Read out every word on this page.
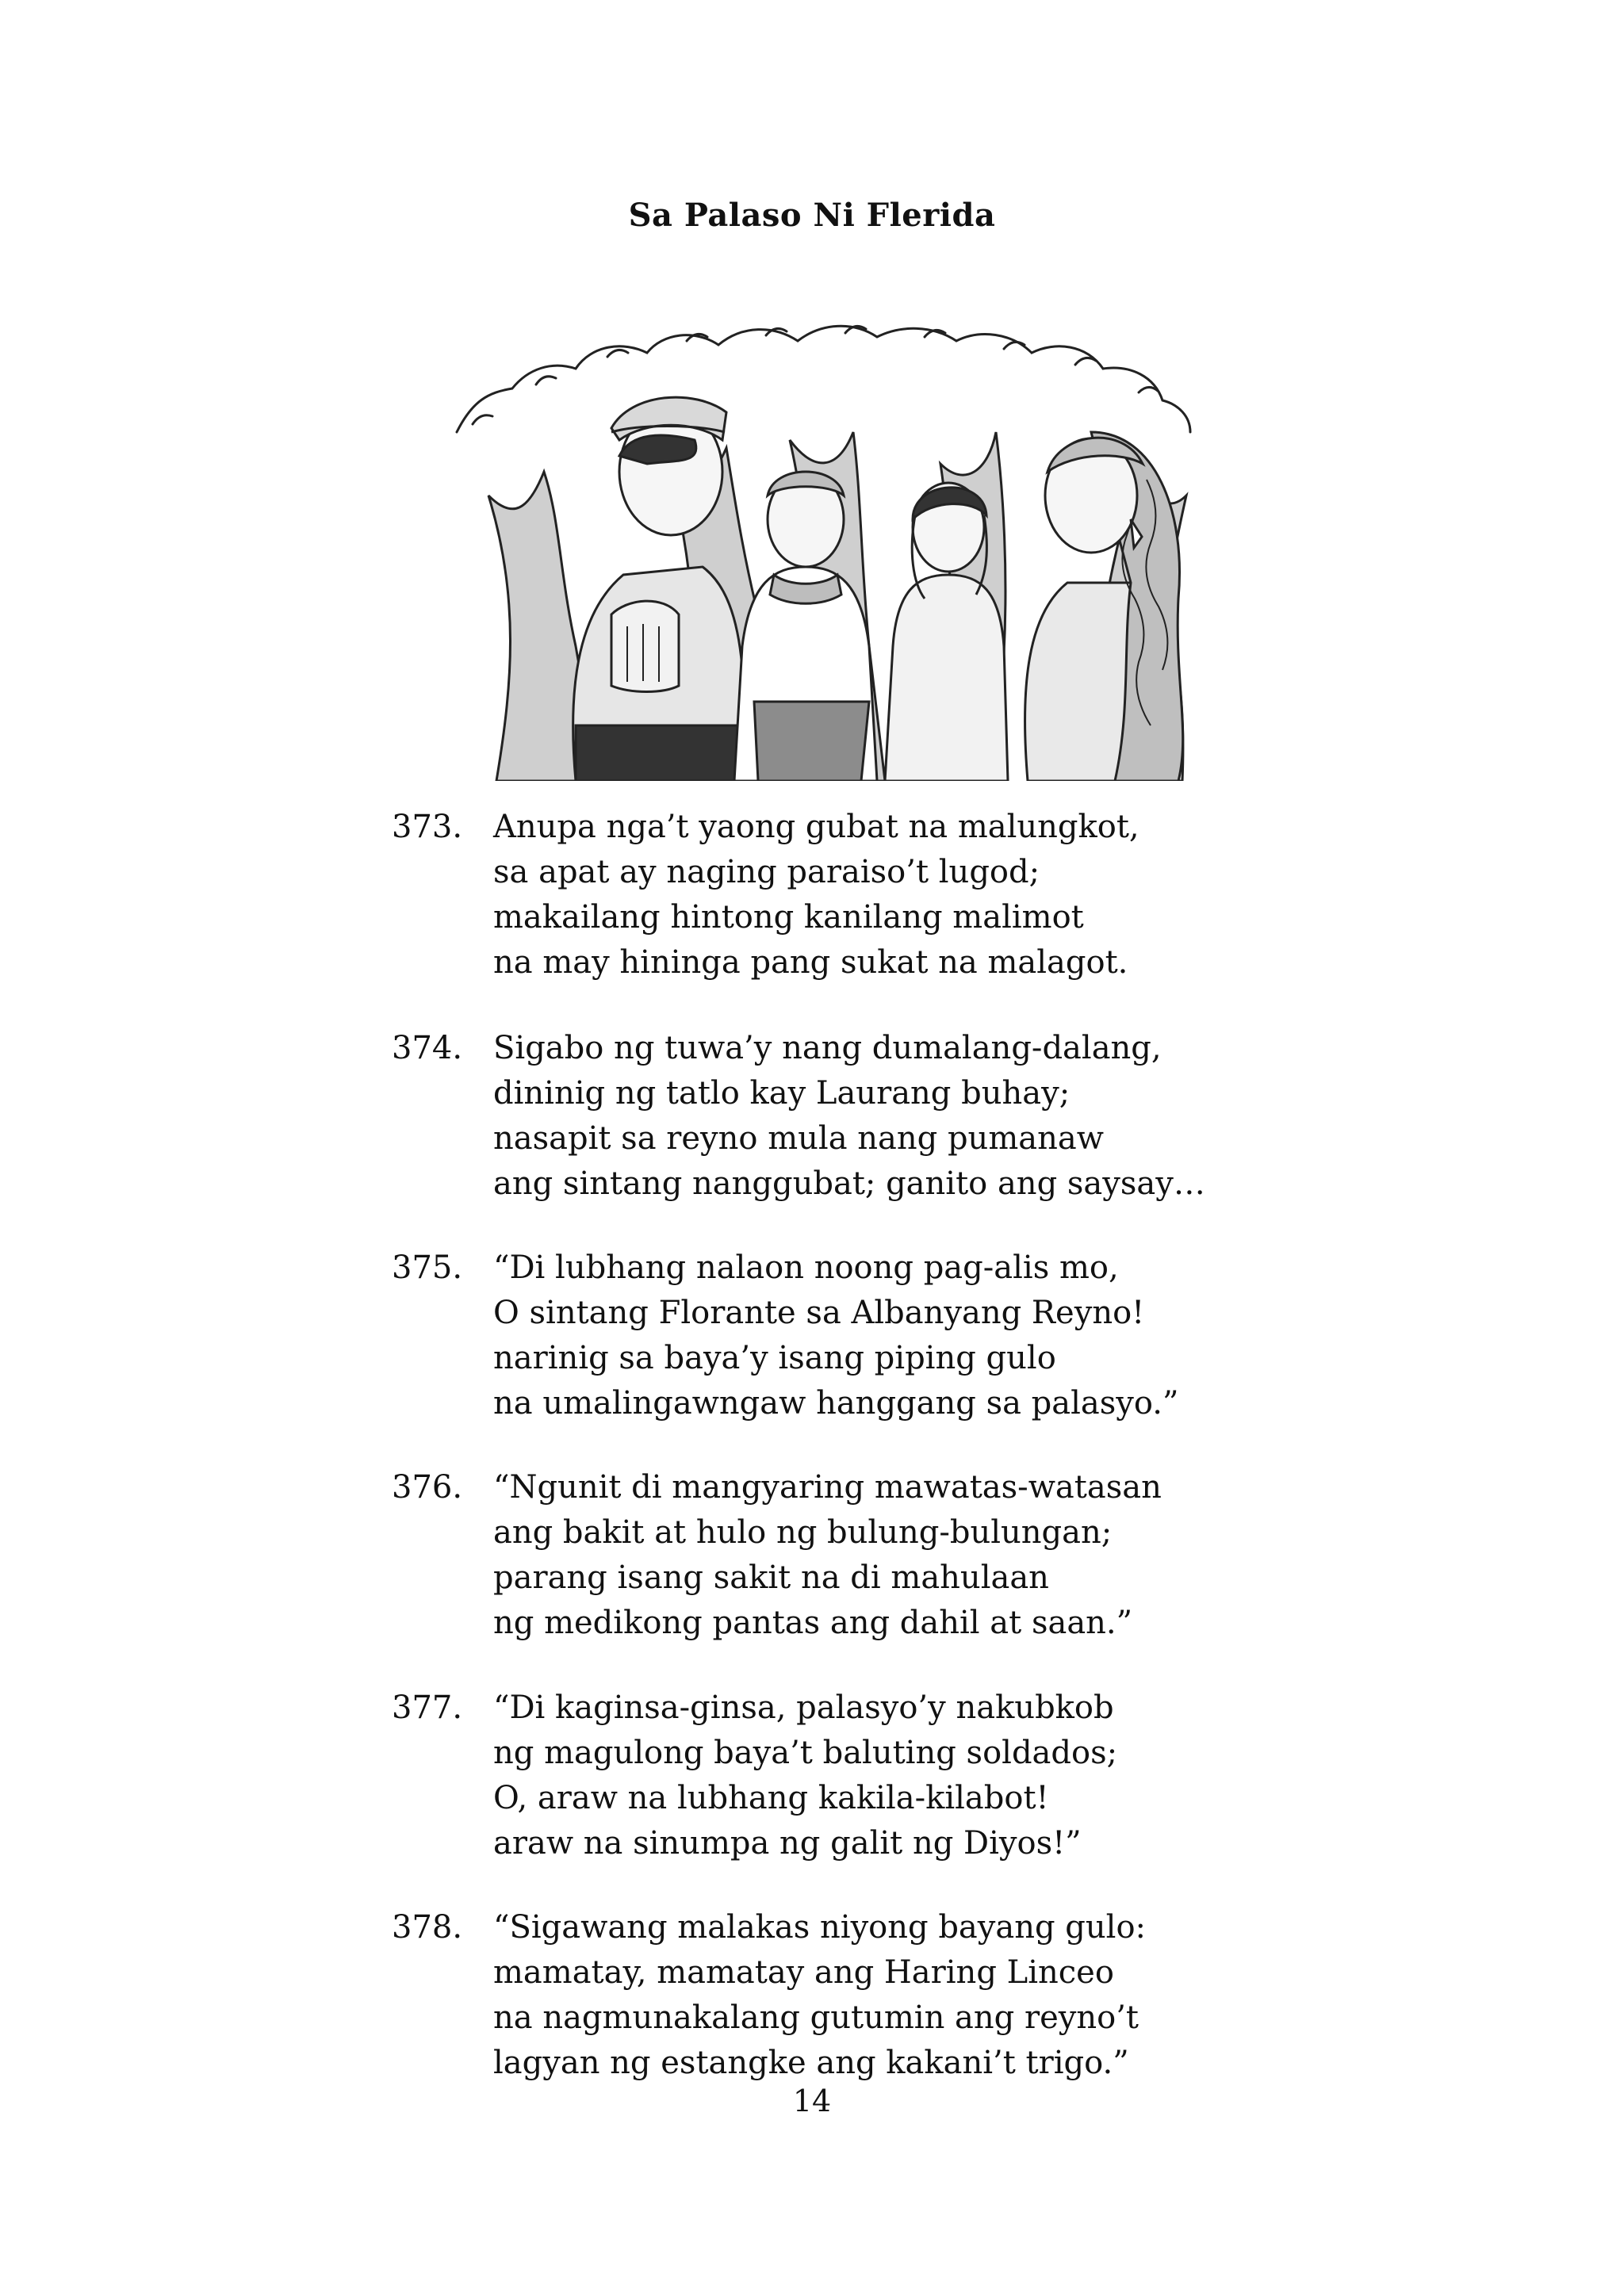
Sa Palaso Ni Flerida
373. Anupa nga’t yaong gubat na malungkot,
sa apat ay naging paraiso’t lugod;
makailang hintong kanilang malimot
na may hininga pang sukat na malagot.
374. Sigabo ng tuwa’y nang dumalang-dalang,
dininig ng tatlo kay Laurang buhay;
nasapit sa reyno mula nang pumanaw
ang sintang nanggubat; ganito ang saysay…
375. “Di lubhang nalaon noong pag-alis mo,
O sintang Florante sa Albanyang Reyno!
narinig sa baya’y isang piping gulo
na umalingawngaw hanggang sa palasyo.”
376. “Ngunit di mangyaring mawatas-watasan
ang bakit at hulo ng bulung-bulungan;
parang isang sakit na di mahulaan
ng medikong pantas ang dahil at saan.”
377. “Di kaginsa-ginsa, palasyo’y nakubkob
ng magulong baya’t baluting soldados;
O, araw na lubhang kakila-kilabot!
araw na sinumpa ng galit ng Diyos!”
378. “Sigawang malakas niyong bayang gulo:
mamatay, mamatay ang Haring Linceo
na nagmunakalang gutumin ang reyno’t
lagyan ng estangke ang kakani’t trigo.”
14
